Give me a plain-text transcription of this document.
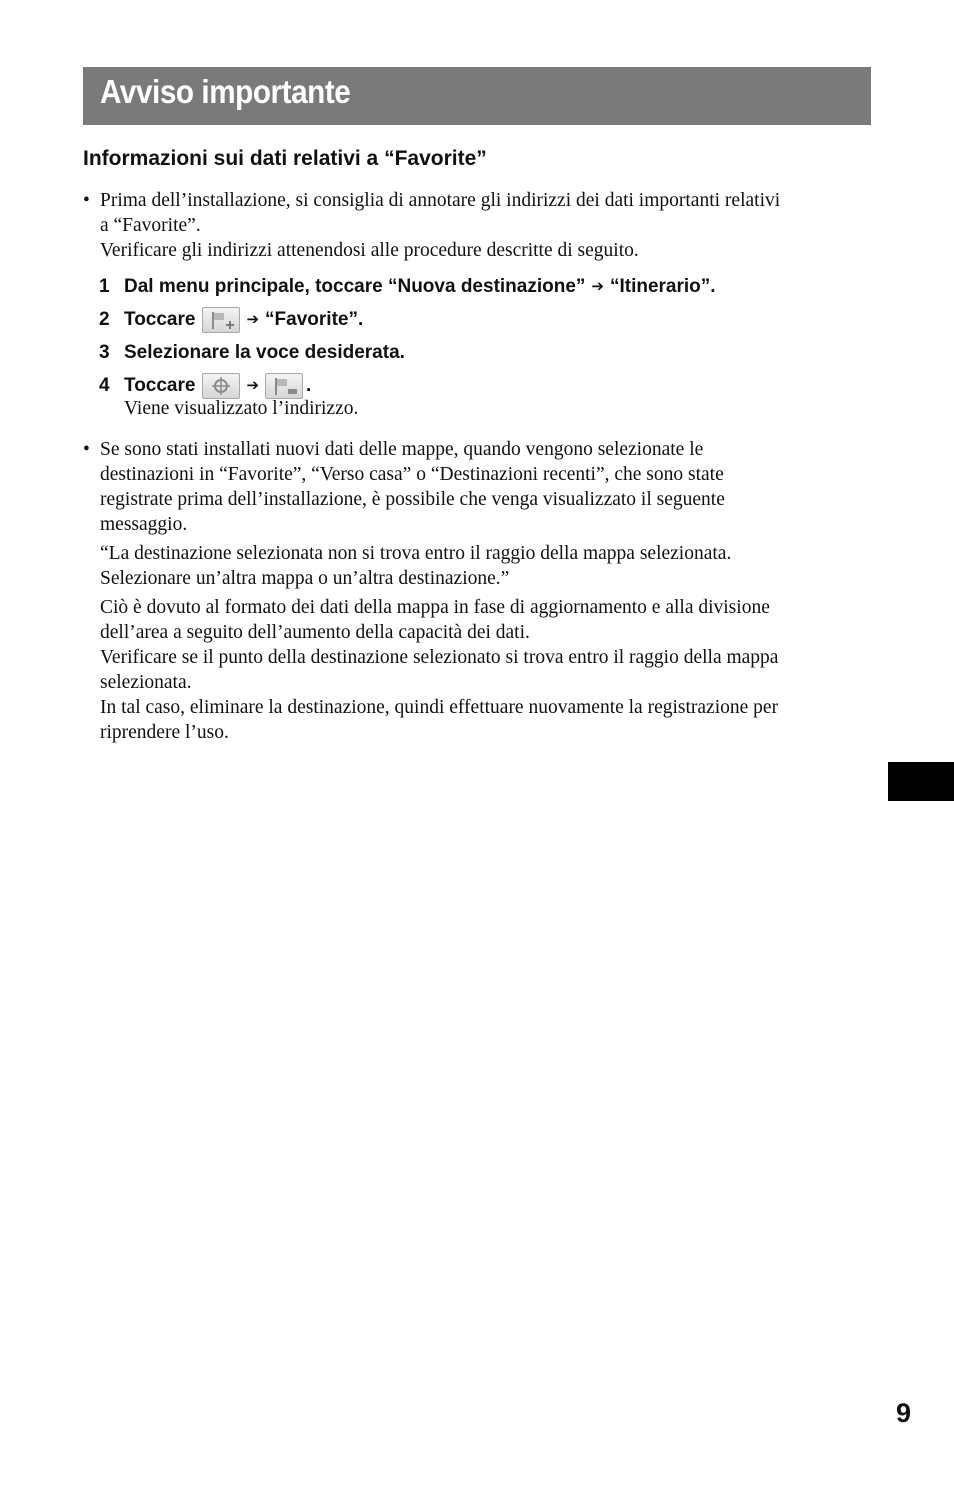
Avviso importante
Informazioni sui dati relativi a “Favorite”
• Prima dell’installazione, si consiglia di annotare gli indirizzi dei dati importanti relativi
a “Favorite”.
Verificare gli indirizzi attenendosi alle procedure descritte di seguito.
1 Dal menu principale, toccare “Nuova destinazione” ➔ “Itinerario”.
2 Toccare	➔ “Favorite”.
3 Selezionare la voce desiderata.
4 Toccare	➔ .
Viene visualizzato l’indirizzo.
• Se sono stati installati nuovi dati delle mappe, quando vengono selezionate le
destinazioni in “Favorite”, “Verso casa” o “Destinazioni recenti”, che sono state
registrate prima dell’installazione, è possibile che venga visualizzato il seguente
messaggio.
“La destinazione selezionata non si trova entro il raggio della mappa selezionata.
Selezionare un’altra mappa o un’altra destinazione.”
Ciò è dovuto al formato dei dati della mappa in fase di aggiornamento e alla divisione
dell’area a seguito dell’aumento della capacità dei dati.
Verificare se il punto della destinazione selezionato si trova entro il raggio della mappa
selezionata.
In tal caso, eliminare la destinazione, quindi effettuare nuovamente la registrazione per
riprendere l’uso.
9
